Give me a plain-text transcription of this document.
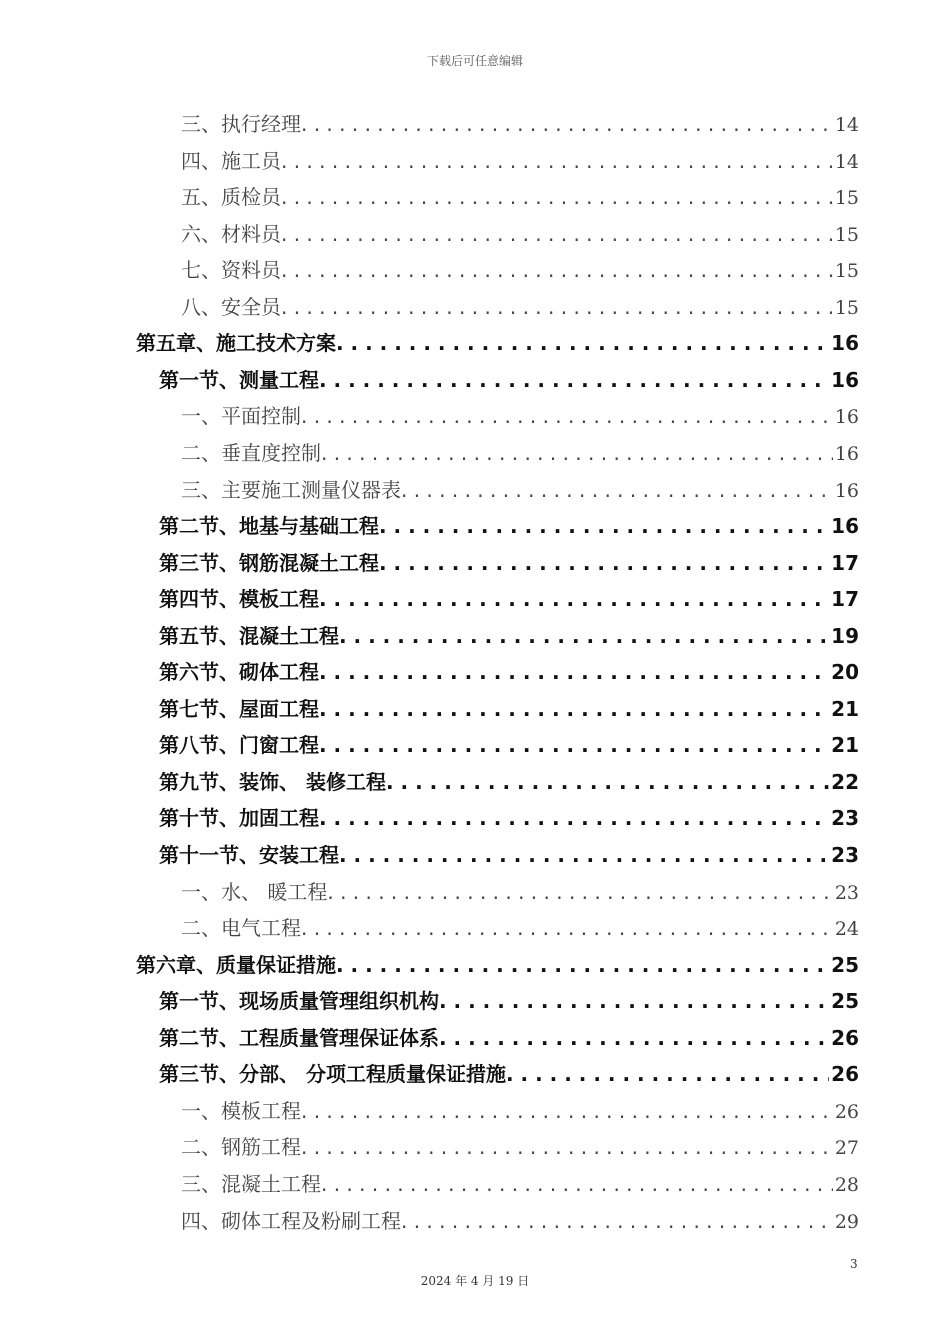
下载后可任意编辑
三、 执行经理 . . .	14
四、 施工员 . . .	14
五、 质检员 . . .	15
六、 材料员 . . .	15
七、 资料员 . . .	15
八、 安全员 . . .	15
第五章、 施工技术方案 . . .	16
第一节、 测量工程 . . .	16
一、 平面控制 . . .	16
二、 垂直度控制 . . .	16
三、 主要施工测量仪器表 . . .	16
第二节、 地基与基础工程 . . .	16
第三节、 钢筋混凝土工程 . . .	17
第四节、 模板工程 . . .	17
第五节、 混凝土工程 . . .	19
第六节、 砌体工程 . . .	20
第七节、 屋面工程 . . .	21
第八节、 门窗工程 . . .	21
第九节、 装饰、 装修工程 . . .	22
第十节、 加固工程 . . .	23
第十一节、 安装工程 . . .	23
一、 水、 暖工程 . . .	23
二、 电气工程 . . .	24
第六章、 质量保证措施 . . .	25
第一节、 现场质量管理组织机构 . . .	25
第二节、 工程质量管理保证体系 . . .	26
第三节、 分部、 分项工程质量保证措施 . . .	26
一、 模板工程 . . .	26
二、 钢筋工程 . . .	27
三、 混凝土工程 . . .	28
四、 砌体工程及粉刷工程 . . .	29
3
2024 年 4 月 19 日
